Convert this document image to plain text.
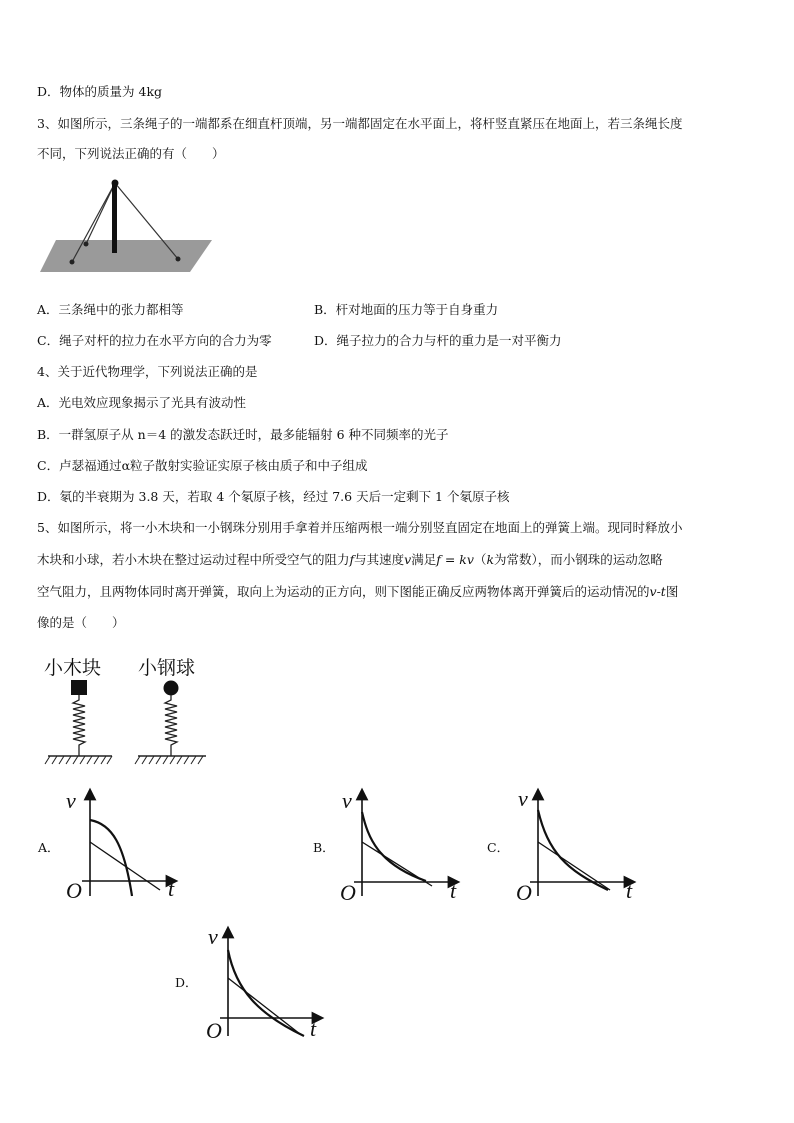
D．物体的质量为 4kg
3、如图所示，三条绳子的一端都系在细直杆顶端，另一端都固定在水平面上，将杆竖直紧压在地面上，若三条绳长度
不同，下列说法正确的有（　　）
A．三条绳中的张力都相等	B．杆对地面的压力等于自身重力
C．绳子对杆的拉力在水平方向的合力为零	D．绳子拉力的合力与杆的重力是一对平衡力
4、关于近代物理学，下列说法正确的是
A．光电效应现象揭示了光具有波动性
B．一群氢原子从 n＝4 的激发态跃迁时，最多能辐射 6 种不同频率的光子
C．卢瑟福通过α粒子散射实验证实原子核由质子和中子组成
D．氡的半衰期为 3.8 天，若取 4 个氡原子核，经过 7.6 天后一定剩下 1 个氡原子核
5、如图所示，将一小木块和一小钢珠分别用手拿着并压缩两根一端分别竖直固定在地面上的弹簧上端。现同时释放小
木块和小球，若小木块在整过运动过程中所受空气的阻力f与其速度v满足f = kv（k为常数），而小钢珠的运动忽略
空气阻力，且两物体同时离开弹簧，取向上为运动的正方向，则下图能正确反应两物体离开弹簧后的运动情况的v-t图
像的是（　　）
小木块 小钢球
A．	B．	C．
D．
v
t
O
v
t
O
v
t
O
v
t
O
